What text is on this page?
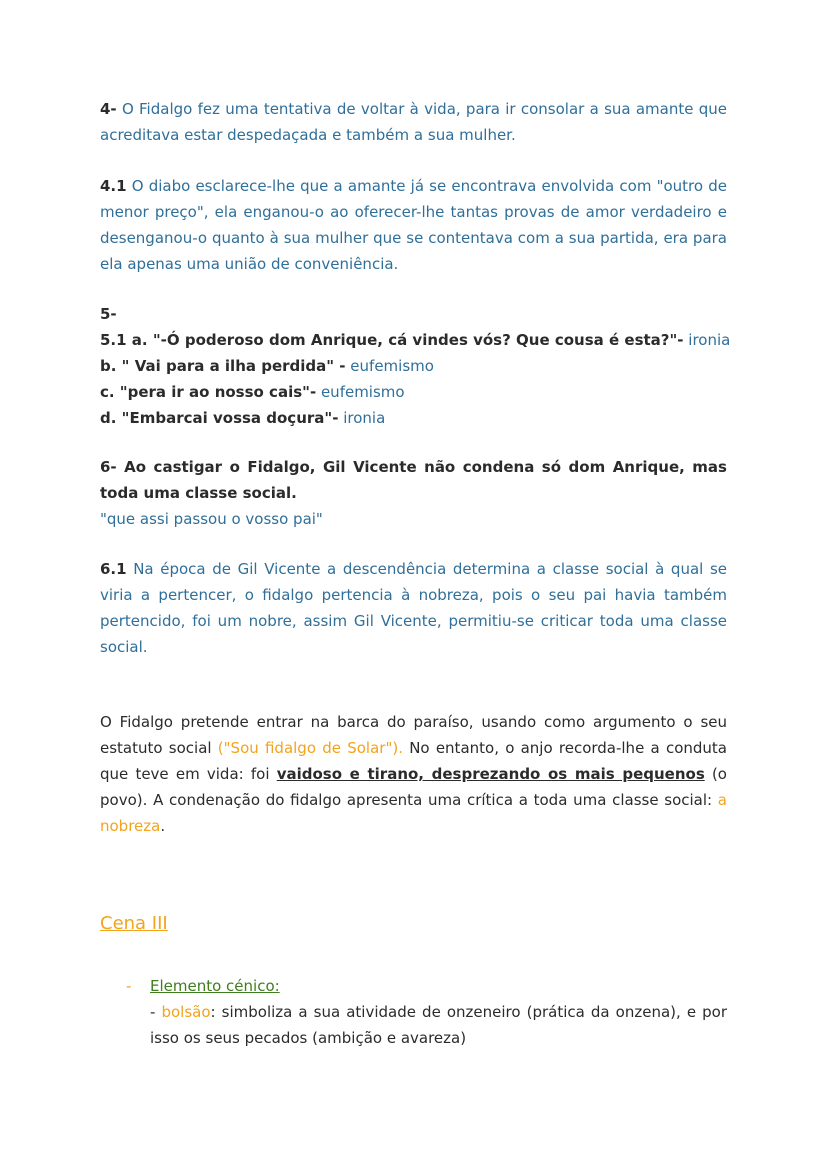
4- O Fidalgo fez uma tentativa de voltar à vida, para ir consolar a sua amante que acreditava estar despedaçada e também a sua mulher.
4.1 O diabo esclarece-lhe que a amante já se encontrava envolvida com "outro de menor preço", ela enganou-o ao oferecer-lhe tantas provas de amor verdadeiro e desenganou-o quanto à sua mulher que se contentava com a sua partida, era para ela apenas uma união de conveniência.
5-
5.1 a. "-Ó poderoso dom Anrique, cá vindes vós? Que cousa é esta?"- ironia
b. " Vai para a ilha perdida" - eufemismo
c. "pera ir ao nosso cais"- eufemismo
d. "Embarcai vossa doçura"- ironia
6- Ao castigar o Fidalgo, Gil Vicente não condena só dom Anrique, mas toda uma classe social.
"que assi passou o vosso pai"
6.1 Na época de Gil Vicente a descendência determina a classe social à qual se viria a pertencer, o fidalgo pertencia à nobreza, pois o seu pai havia também pertencido, foi um nobre, assim Gil Vicente, permitiu-se criticar toda uma classe social.
O Fidalgo pretende entrar na barca do paraíso, usando como argumento o seu estatuto social ("Sou fidalgo de Solar"). No entanto, o anjo recorda-lhe a conduta que teve em vida: foi vaidoso e tirano, desprezando os mais pequenos (o povo). A condenação do fidalgo apresenta uma crítica a toda uma classe social: a nobreza.
Cena III
- Elemento cénico:
- bolsão: simboliza a sua atividade de onzeneiro (prática da onzena), e por isso os seus pecados (ambição e avareza)
